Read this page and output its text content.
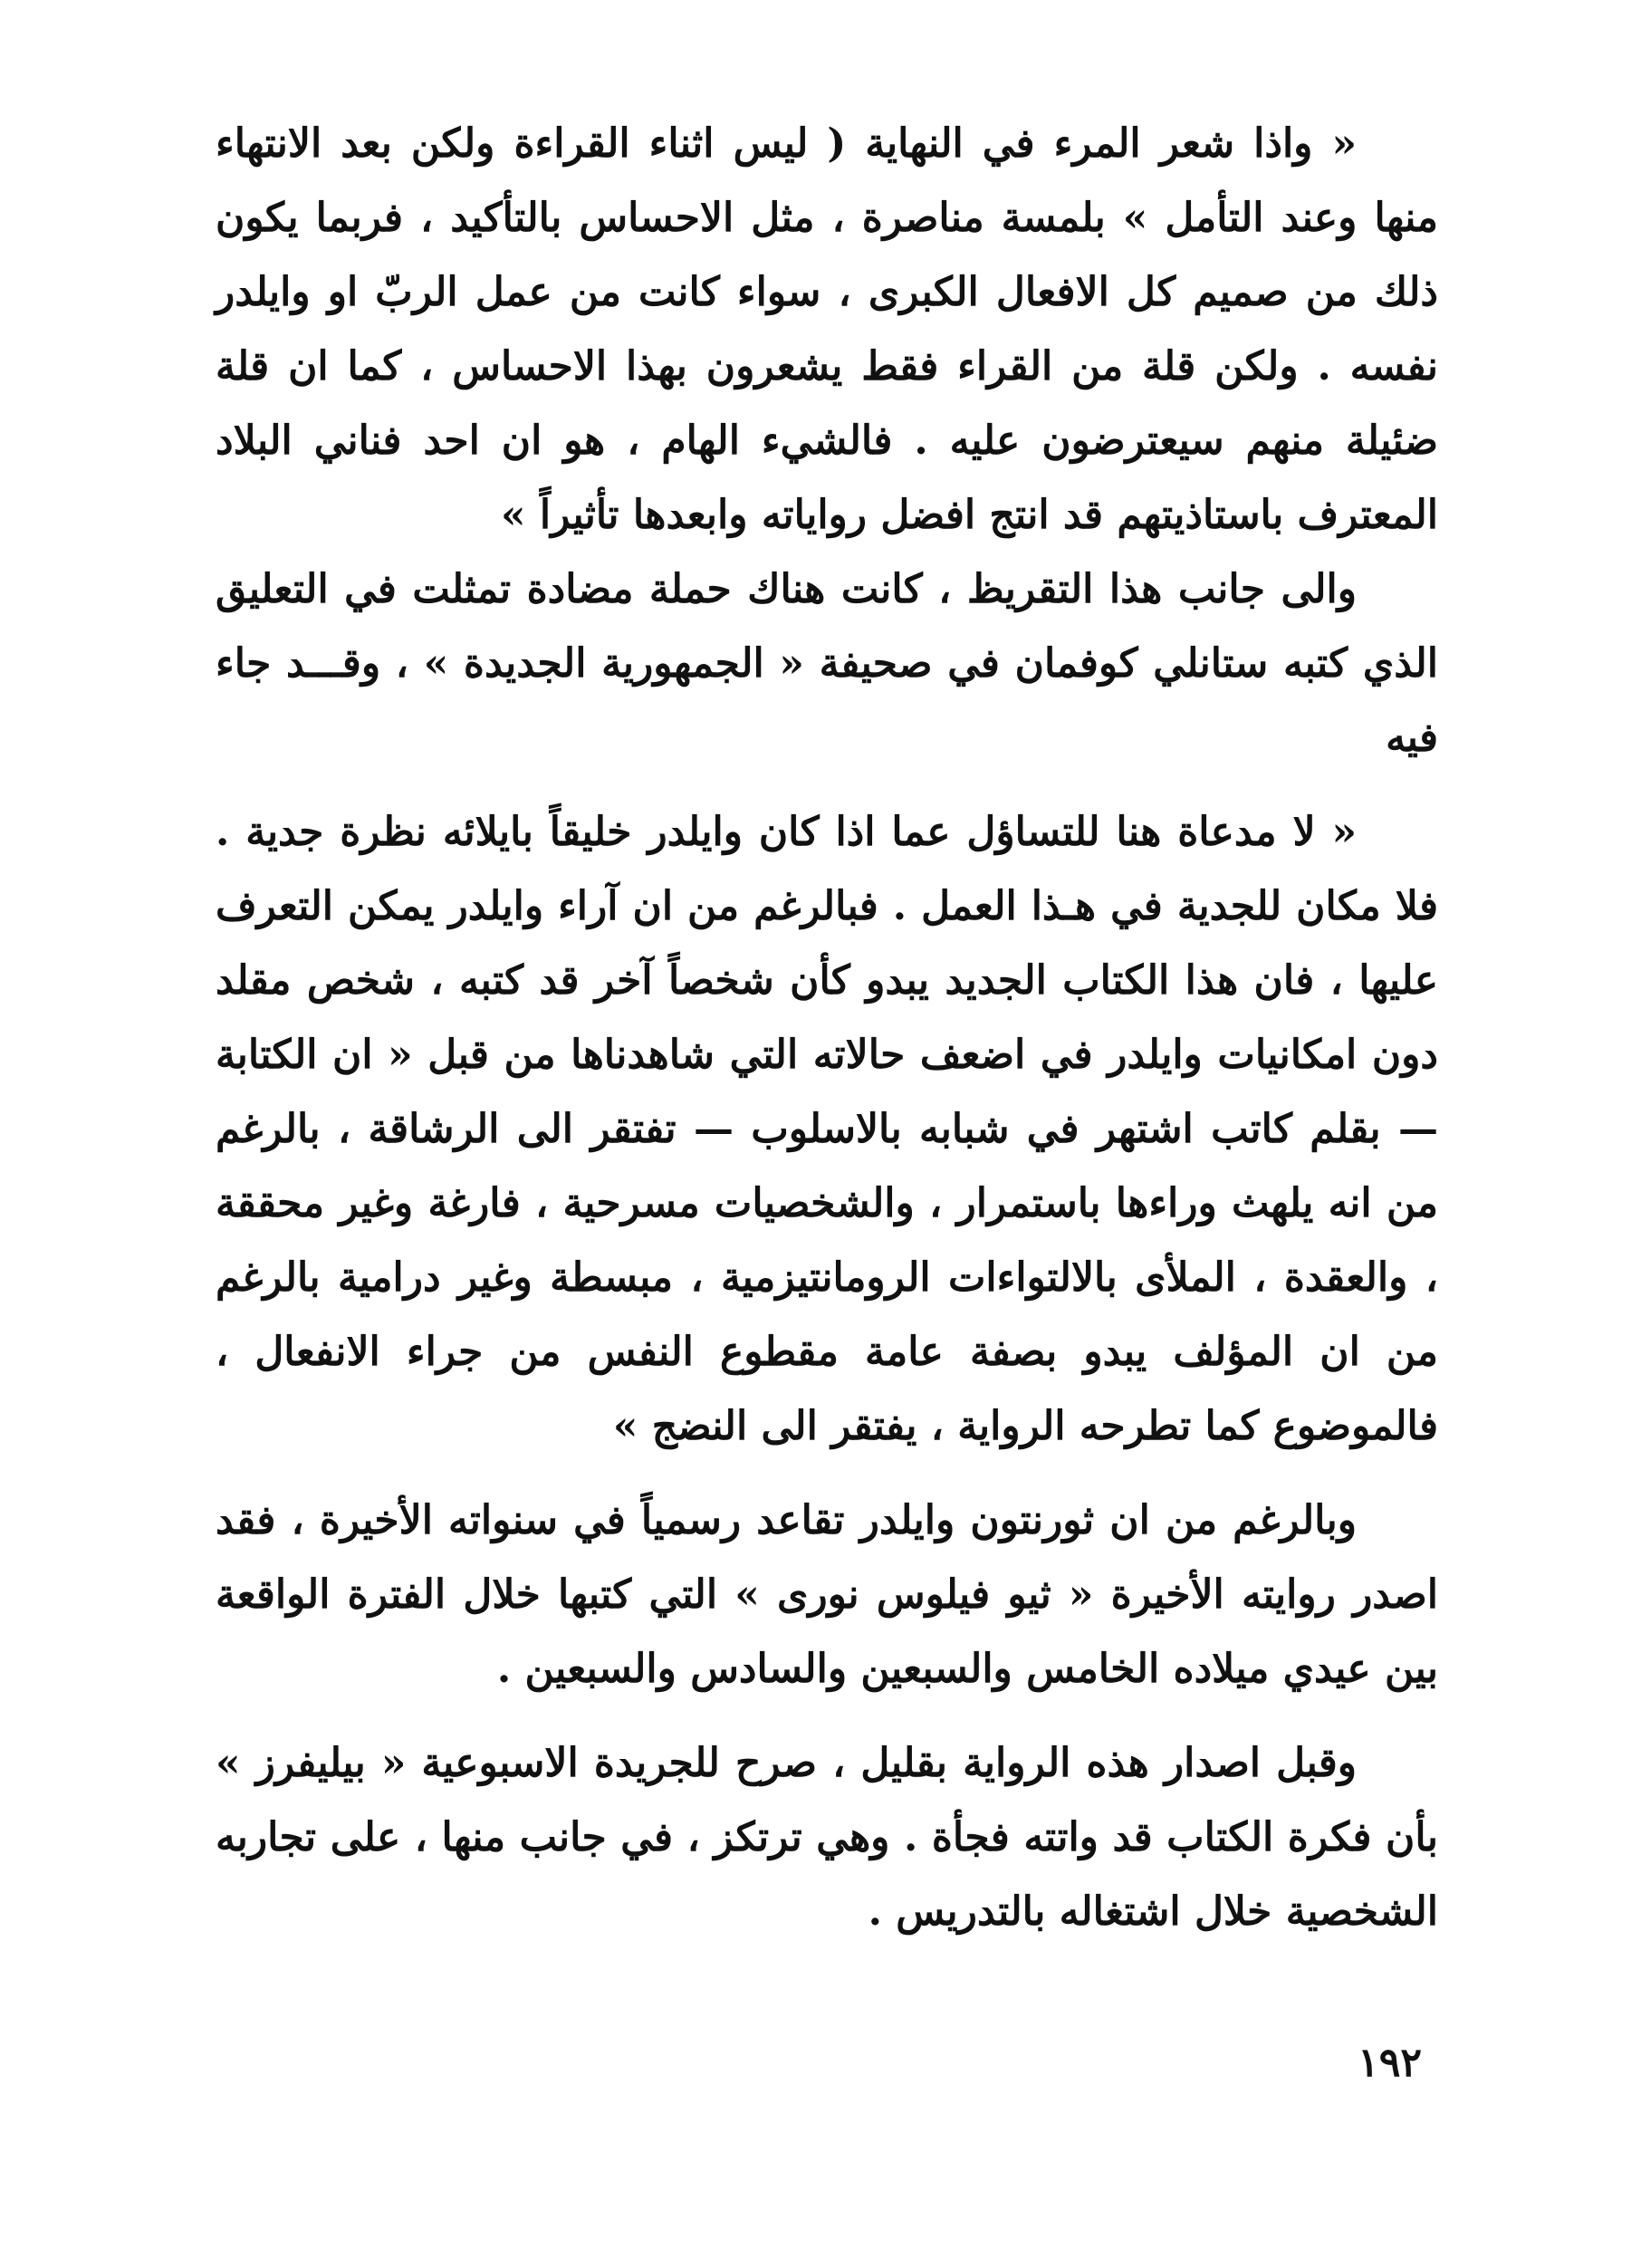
« واذا شعر المرء في النهاية ( ليس اثناء القراءة ولكن بعد الانتهاء منها وعند التأمل » بلمسة مناصرة ، مثل الاحساس بالتأكيد ، فربما يكون ذلك من صميم كل الافعال الكبرى ، سواء كانت من عمل الربّ او وايلدر نفسه . ولكن قلة من القراء فقط يشعرون بهذا الاحساس ، كما ان قلة ضئيلة منهم سيعترضون عليه . فالشيء الهام ، هو ان احد فناني البلاد المعترف باستاذيتهم قد انتج افضل رواياته وابعدها تأثيراً »

والى جانب هذا التقريظ ، كانت هناك حملة مضادة تمثلت في التعليق الذي كتبه ستانلي كوفمان في صحيفة « الجمهورية الجديدة » ، وقـــد جاء فيه

« لا مدعاة هنا للتساؤل عما اذا كان وايلدر خليقاً بايلائه نظرة جدية . فلا مكان للجدية في هـذا العمل . فبالرغم من ان آراء وايلدر يمكن التعرف عليها ، فان هذا الكتاب الجديد يبدو كأن شخصاً آخر قد كتبه ، شخص مقلد دون امكانيات وايلدر في اضعف حالاته التي شاهدناها من قبل « ان الكتابة — بقلم كاتب اشتهر في شبابه بالاسلوب — تفتقر الى الرشاقة ، بالرغم من انه يلهث وراءها باستمرار ، والشخصيات مسرحية ، فارغة وغير محققة ، والعقدة ، الملأى بالالتواءات الرومانتيزمية ، مبسطة وغير درامية بالرغم من ان المؤلف يبدو بصفة عامة مقطوع النفس من جراء الانفعال ، فالموضوع كما تطرحه الرواية ، يفتقر الى النضج »

وبالرغم من ان ثورنتون وايلدر تقاعد رسمياً في سنواته الأخيرة ، فقد اصدر روايته الأخيرة « ثيو فيلوس نورى » التي كتبها خلال الفترة الواقعة بين عيدي ميلاده الخامس والسبعين والسادس والسبعين .

وقبل اصدار هذه الرواية بقليل ، صرح للجريدة الاسبوعية « بيليفرز » بأن فكرة الكتاب قد واتته فجأة . وهي ترتكز ، في جانب منها ، على تجاربه الشخصية خلال اشتغاله بالتدريس .

١٩٢
